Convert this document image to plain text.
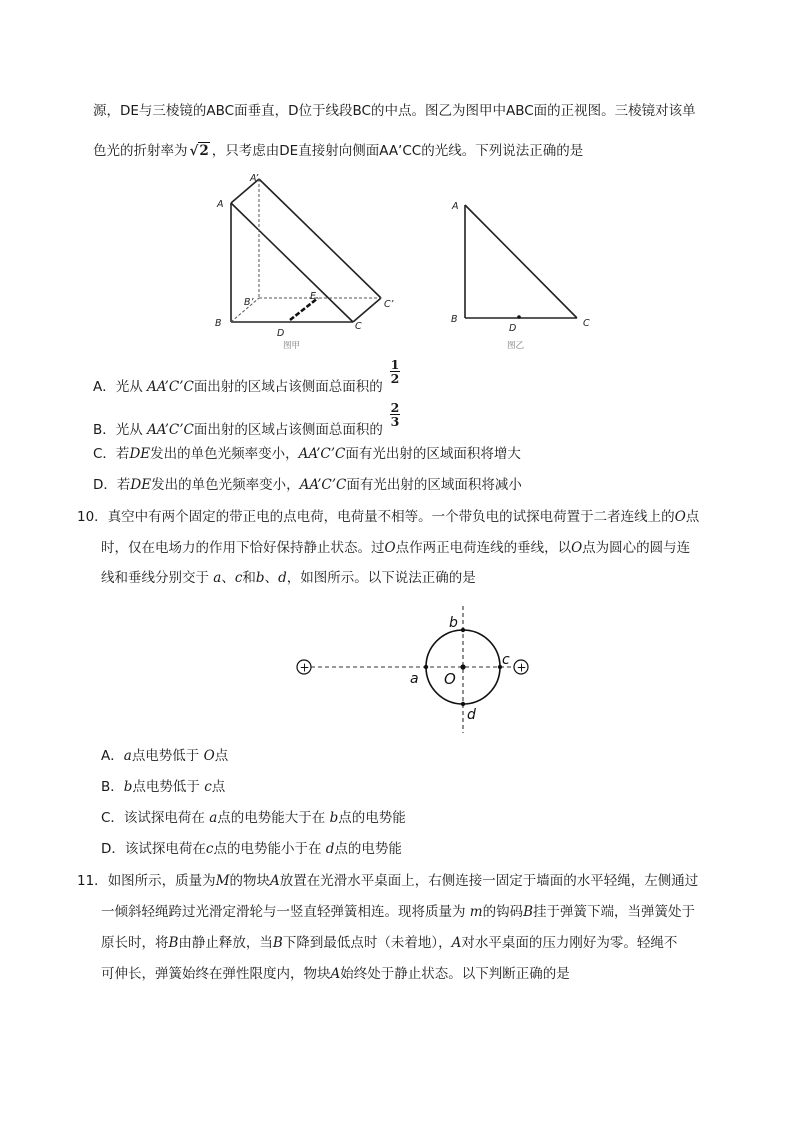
源，DE与三棱镜的ABC面垂直，D位于线段BC的中点。图乙为图甲中ABC面的正视图。三棱镜对该单
色光的折射率为 √2 ，只考虑由DE直接射向侧面AA’CC的光线。下列说法正确的是
A
A’
B
B’
C
C’
D
E
图甲
A
B	C
D
图乙
A．光从 AA’C’C面出射的区域占该侧面总面积的
1
2
B．光从 AA’C’C面出射的区域占该侧面总面积的
2
3
C．若DE发出的单色光频率变小，AA’C’C面有光出射的区域面积将增大
D．若DE发出的单色光频率变小，AA’C’C面有光出射的区域面积将减小
10．真空中有两个固定的带正电的点电荷，电荷量不相等。一个带负电的试探电荷置于二者连线上的O点
时，仅在电场力的作用下恰好保持静止状态。过O点作两正电荷连线的垂线，以O点为圆心的圆与连
线和垂线分别交于 a、c和b、d，如图所示。以下说法正确的是
+	+
a
b
c
d
O
A．a点电势低于 O点
B．b点电势低于 c点
C．该试探电荷在 a点的电势能大于在 b点的电势能
D．该试探电荷在c点的电势能小于在 d点的电势能
11．如图所示，质量为M的物块A放置在光滑水平桌面上，右侧连接一固定于墙面的水平轻绳，左侧通过
一倾斜轻绳跨过光滑定滑轮与一竖直轻弹簧相连。现将质量为 m的钩码B挂于弹簧下端，当弹簧处于
原长时，将B由静止释放，当B下降到最低点时（未着地），A对水平桌面的压力刚好为零。轻绳不
可伸长，弹簧始终在弹性限度内，物块A始终处于静止状态。以下判断正确的是
